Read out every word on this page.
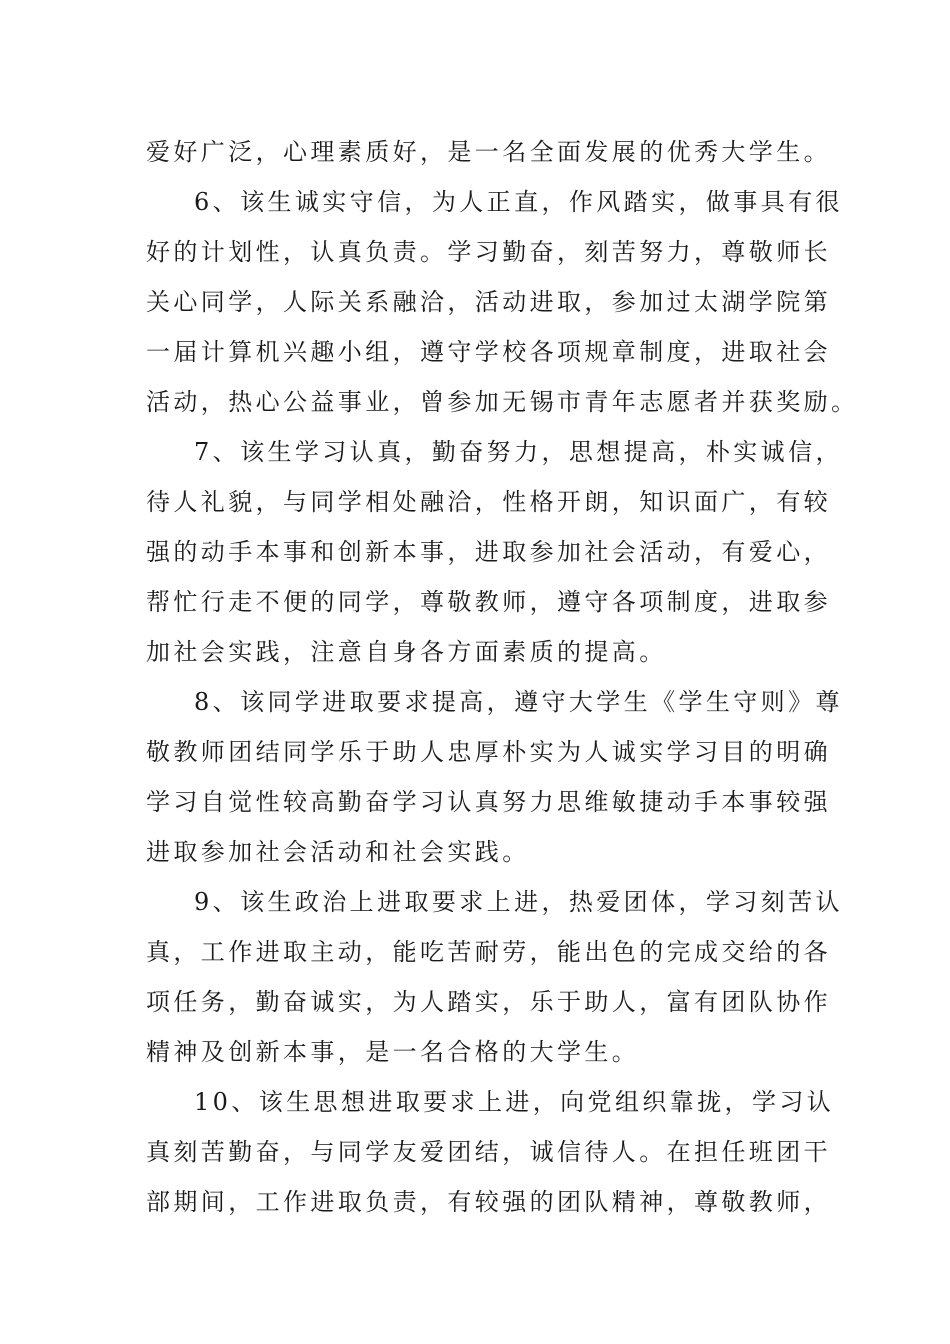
爱好广泛，心理素质好，是一名全面发展的优秀大学生。
6、该生诚实守信，为人正直，作风踏实，做事具有很
好的计划性，认真负责。学习勤奋，刻苦努力，尊敬师长
关心同学，人际关系融洽，活动进取，参加过太湖学院第
一届计算机兴趣小组，遵守学校各项规章制度，进取社会
活动，热心公益事业，曾参加无锡市青年志愿者并获奖励。
7、该生学习认真，勤奋努力，思想提高，朴实诚信，
待人礼貌，与同学相处融洽，性格开朗，知识面广，有较
强的动手本事和创新本事，进取参加社会活动，有爱心，
帮忙行走不便的同学，尊敬教师，遵守各项制度，进取参
加社会实践，注意自身各方面素质的提高。
8、该同学进取要求提高，遵守大学生《学生守则》尊
敬教师团结同学乐于助人忠厚朴实为人诚实学习目的明确
学习自觉性较高勤奋学习认真努力思维敏捷动手本事较强
进取参加社会活动和社会实践。
9、该生政治上进取要求上进，热爱团体，学习刻苦认
真，工作进取主动，能吃苦耐劳，能出色的完成交给的各
项任务，勤奋诚实，为人踏实，乐于助人，富有团队协作
精神及创新本事，是一名合格的大学生。
10、该生思想进取要求上进，向党组织靠拢，学习认
真刻苦勤奋，与同学友爱团结，诚信待人。在担任班团干
部期间，工作进取负责，有较强的团队精神，尊敬教师，
